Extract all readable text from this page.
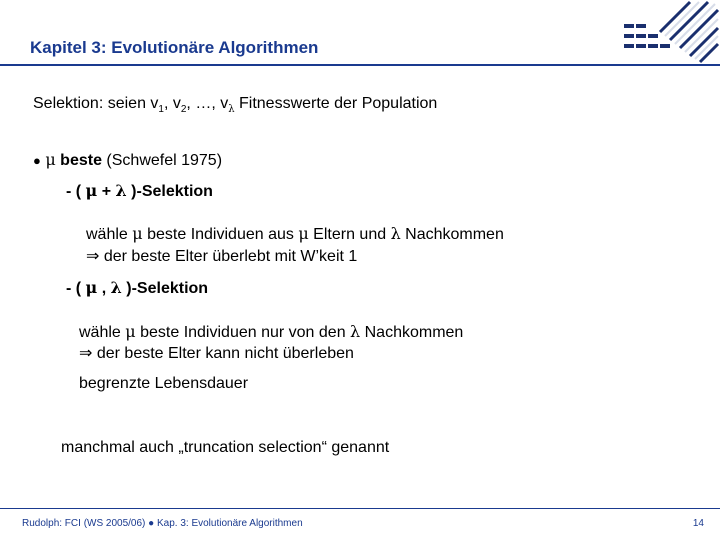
Kapitel 3: Evolutionäre Algorithmen
Selektion: seien $v_1$, $v_2$, …, $v_\lambda$ Fitnesswerte der Population
● μ beste (Schwefel 1975)
- ( μ + λ )-Selektion
wähle μ beste Individuen aus μ Eltern und λ Nachkommen
⇒ der beste Elter überlebt mit W’keit 1
- ( μ , λ )-Selektion
wähle μ beste Individuen nur von den λ Nachkommen
⇒ der beste Elter kann nicht überleben
begrenzte Lebensdauer
manchmal auch „truncation selection“ genannt
Rudolph: FCI (WS 2005/06) ● Kap. 3: Evolutionäre Algorithmen	14
